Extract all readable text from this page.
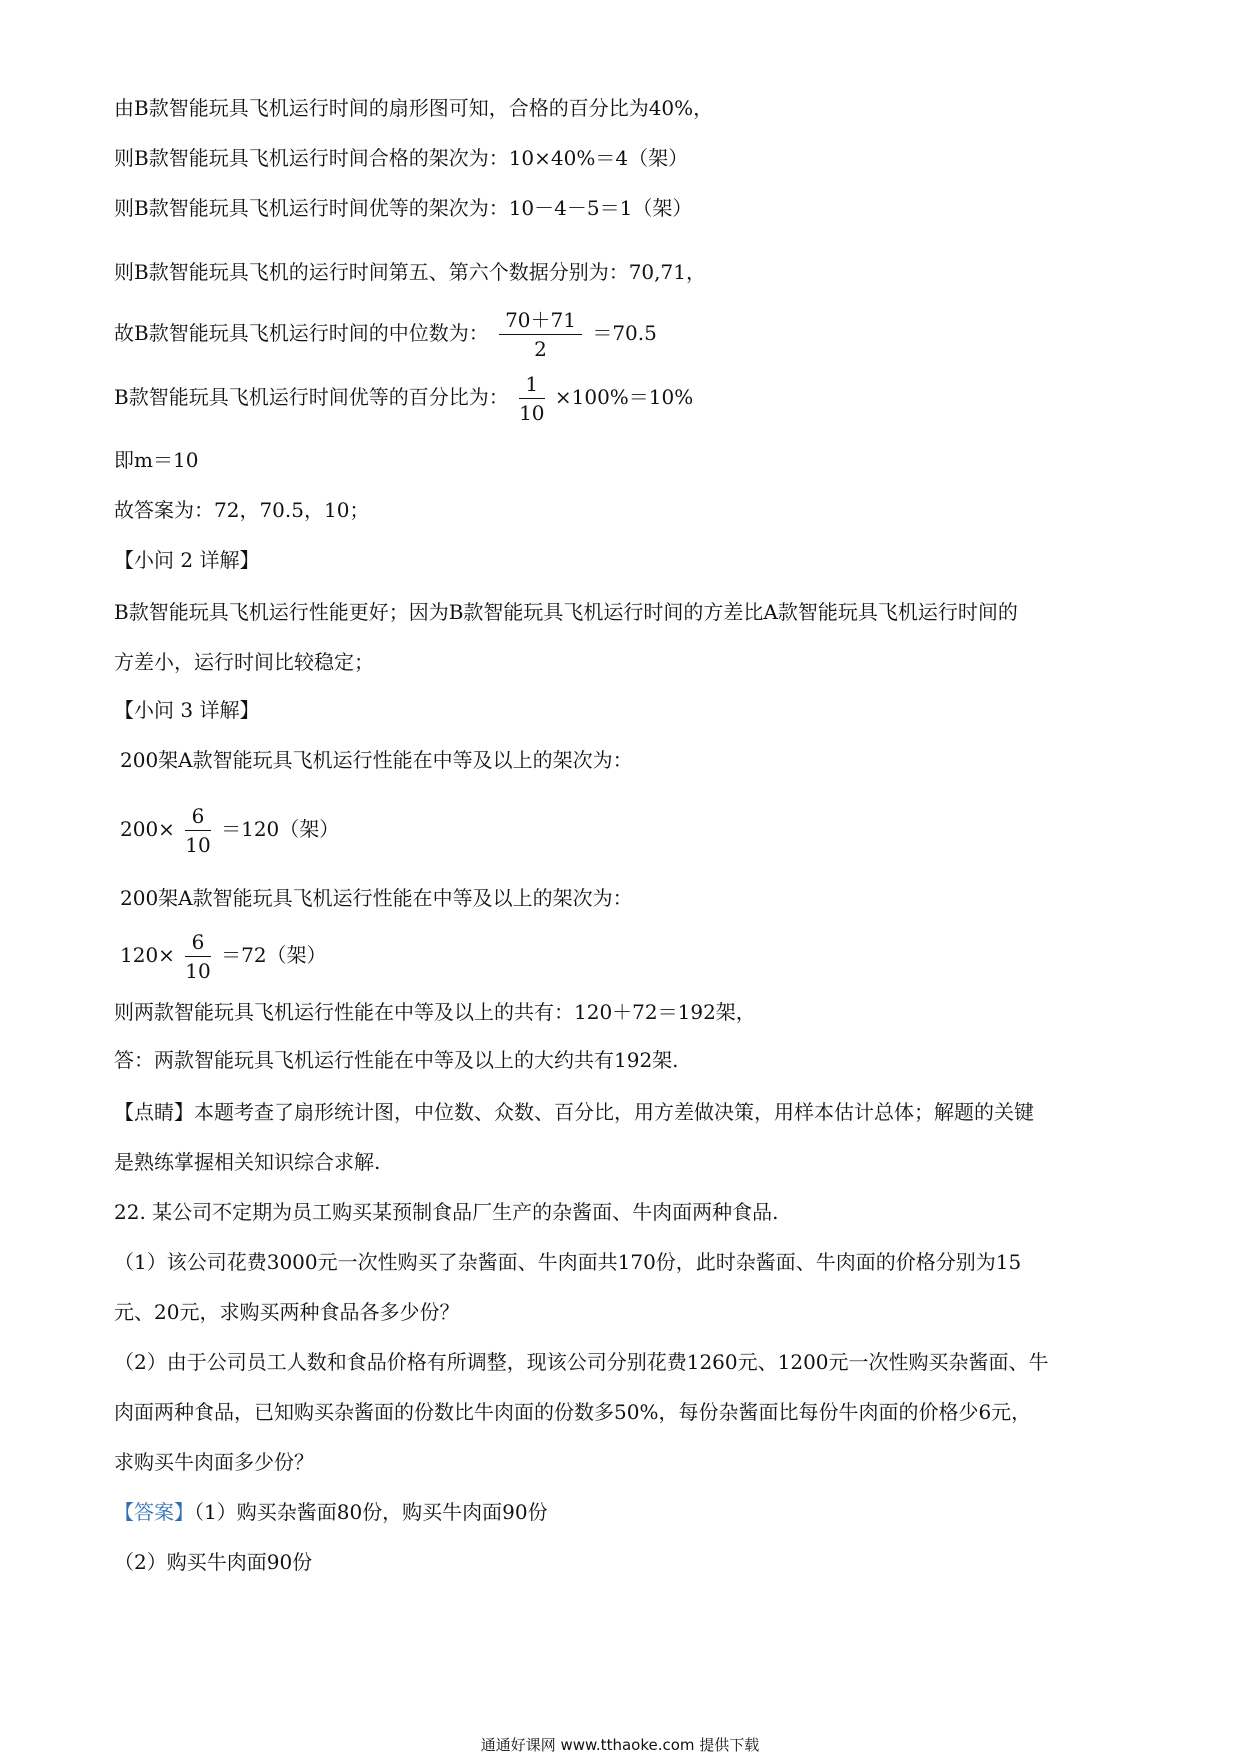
由B款智能玩具飞机运行时间的扇形图可知，合格的百分比为40%，
则B款智能玩具飞机运行时间合格的架次为：10×40%＝4（架）
则B款智能玩具飞机运行时间优等的架次为：10－4－5＝1（架）
则B款智能玩具飞机的运行时间第五、第六个数据分别为：70,71，
故B款智能玩具飞机运行时间的中位数为： $\frac{70+71}{2} =70.5$
B款智能玩具飞机运行时间优等的百分比为： $\frac{1}{10} \times 100\%=10\%$
即m＝10
故答案为：72，70.5，10；
【小问 2 详解】
B款智能玩具飞机运行性能更好；因为B款智能玩具飞机运行时间的方差比A款智能玩具飞机运行时间的
方差小，运行时间比较稳定；
【小问 3 详解】
200架A款智能玩具飞机运行性能在中等及以上的架次为：
$200\times \frac{6}{10} =120$（架）
200架A款智能玩具飞机运行性能在中等及以上的架次为：
$120\times \frac{6}{10} =72$（架）
则两款智能玩具飞机运行性能在中等及以上的共有：120＋72＝192架，
答：两款智能玩具飞机运行性能在中等及以上的大约共有192架.
【点睛】本题考查了扇形统计图，中位数、众数、百分比，用方差做决策，用样本估计总体；解题的关键
是熟练掌握相关知识综合求解.
22. 某公司不定期为员工购买某预制食品厂生产的杂酱面、牛肉面两种食品.
（1）该公司花费3000元一次性购买了杂酱面、牛肉面共170份，此时杂酱面、牛肉面的价格分别为15
元、20元，求购买两种食品各多少份？
（2）由于公司员工人数和食品价格有所调整，现该公司分别花费1260元、1200元一次性购买杂酱面、牛
肉面两种食品，已知购买杂酱面的份数比牛肉面的份数多50%，每份杂酱面比每份牛肉面的价格少6元，
求购买牛肉面多少份？
【答案】（1）购买杂酱面80份，购买牛肉面90份
（2）购买牛肉面90份
通通好课网 www.tthaoke.com 提供下载
